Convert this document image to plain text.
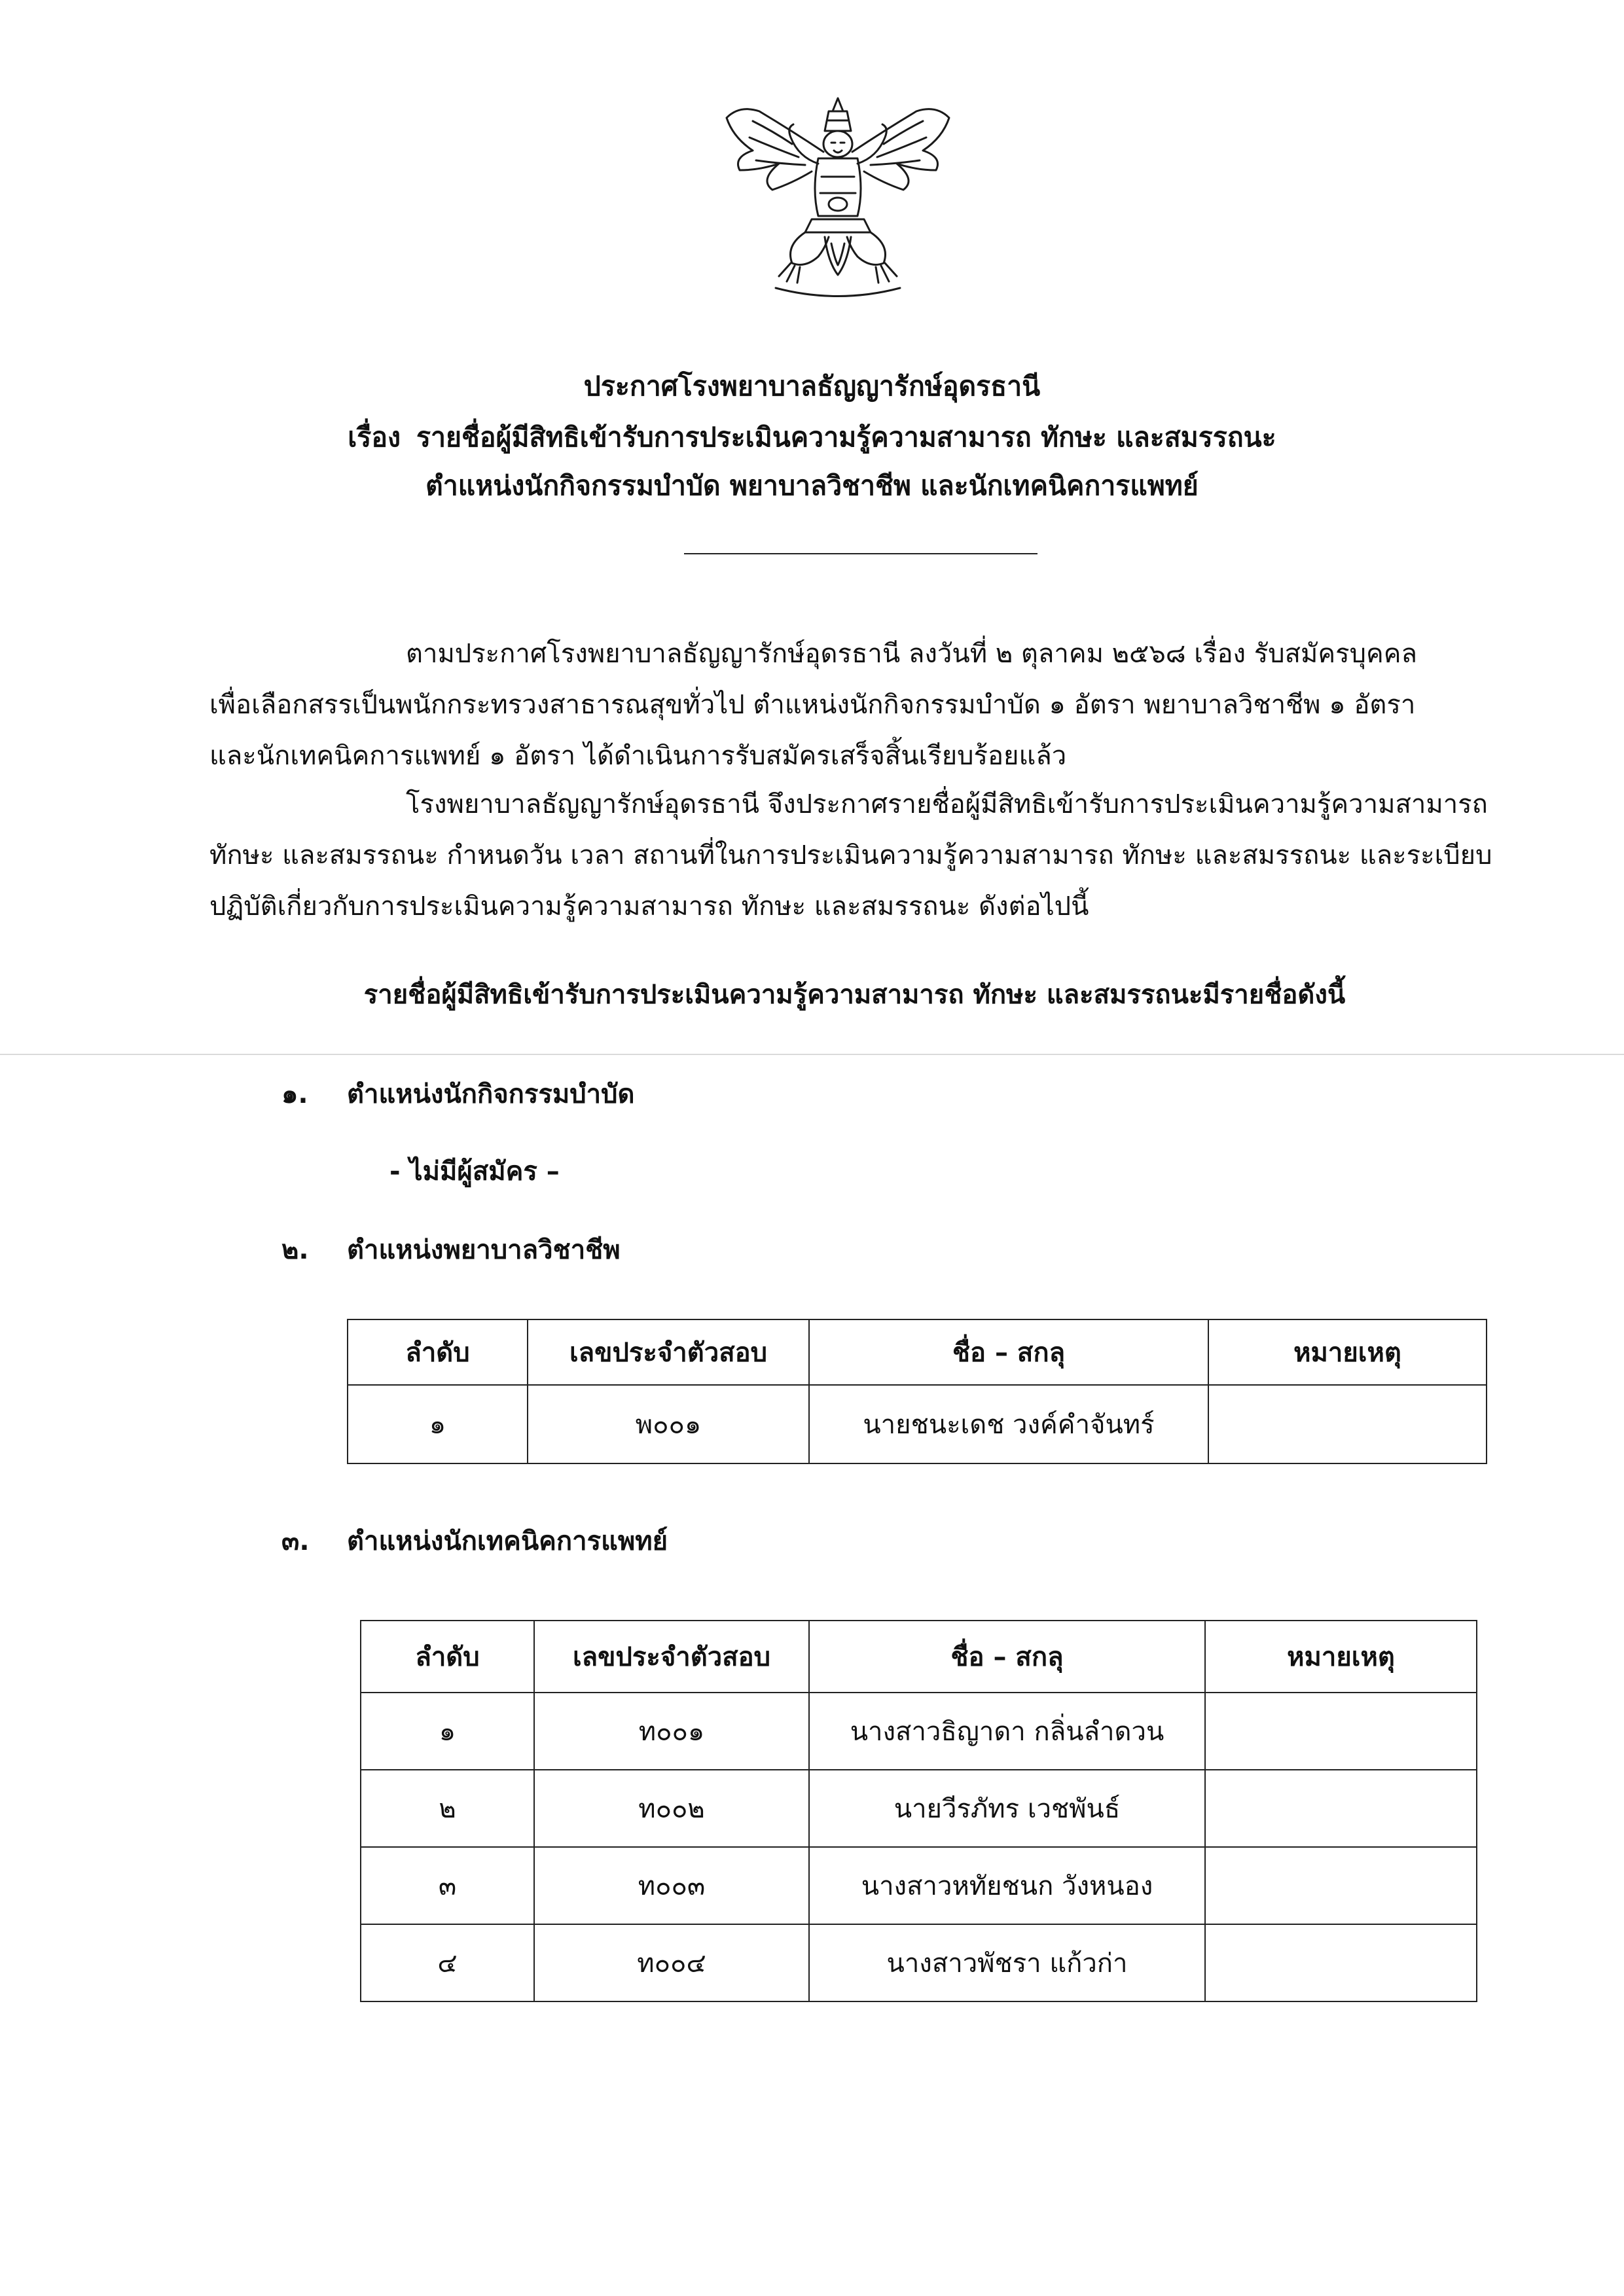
ประกาศโรงพยาบาลธัญญารักษ์อุดรธานี
เรื่อง รายชื่อผู้มีสิทธิเข้ารับการประเมินความรู้ความสามารถ ทักษะ และสมรรถนะ
ตำแหน่งนักกิจกรรมบำบัด พยาบาลวิชาชีพ และนักเทคนิคการแพทย์
ตามประกาศโรงพยาบาลธัญญารักษ์อุดรธานี ลงวันที่ ๒ ตุลาคม ๒๕๖๘ เรื่อง รับสมัครบุคคล
เพื่อเลือกสรรเป็นพนักกระทรวงสาธารณสุขทั่วไป ตำแหน่งนักกิจกรรมบำบัด ๑ อัตรา พยาบาลวิชาชีพ ๑ อัตรา
และนักเทคนิคการแพทย์ ๑ อัตรา ได้ดำเนินการรับสมัครเสร็จสิ้นเรียบร้อยแล้ว
โรงพยาบาลธัญญารักษ์อุดรธานี จึงประกาศรายชื่อผู้มีสิทธิเข้ารับการประเมินความรู้ความสามารถ
ทักษะ และสมรรถนะ กำหนดวัน เวลา สถานที่ในการประเมินความรู้ความสามารถ ทักษะ และสมรรถนะ และระเบียบ
ปฏิบัติเกี่ยวกับการประเมินความรู้ความสามารถ ทักษะ และสมรรถนะ ดังต่อไปนี้
รายชื่อผู้มีสิทธิเข้ารับการประเมินความรู้ความสามารถ ทักษะ และสมรรถนะมีรายชื่อดังนี้
๑. ตำแหน่งนักกิจกรรมบำบัด
- ไม่มีผู้สมัคร –
๒. ตำแหน่งพยาบาลวิชาชีพ
ลำดับ	เลขประจำตัวสอบ	ชื่อ – สกลุ	หมายเหตุ
๑	พ๐๐๑	นายชนะเดช วงค์คำจันทร์	
๓. ตำแหน่งนักเทคนิคการแพทย์
ลำดับ	เลขประจำตัวสอบ	ชื่อ – สกลุ	หมายเหตุ
๑	ท๐๐๑	นางสาวธิญาดา กลิ่นลำดวน	
๒	ท๐๐๒	นายวีรภัทร เวชพันธ์	
๓	ท๐๐๓	นางสาวหทัยชนก วังหนอง	
๔	ท๐๐๔	นางสาวพัชรา แก้วก่า	
